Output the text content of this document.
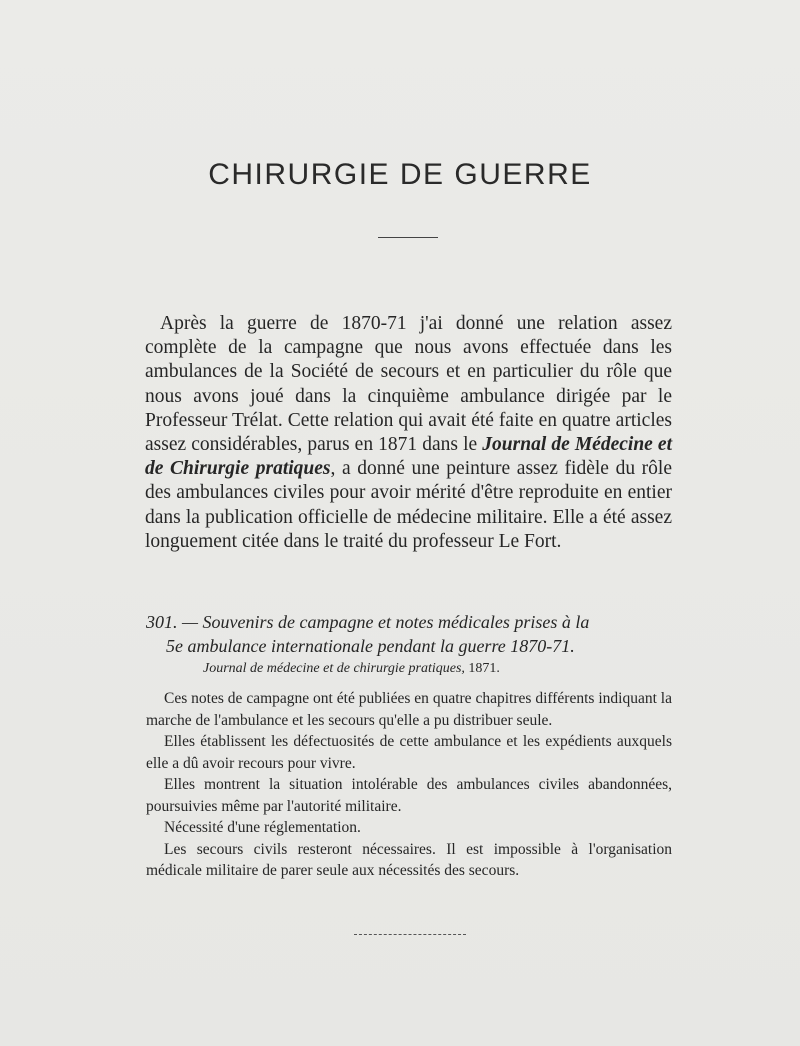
CHIRURGIE DE GUERRE

Après la guerre de 1870-71 j'ai donné une relation assez complète de la campagne que nous avons effectuée dans les ambulances de la Société de secours et en particulier du rôle que nous avons joué dans la cinquième ambulance dirigée par le Professeur Trélat. Cette relation qui avait été faite en quatre articles assez considérables, parus en 1871 dans le Journal de Médecine et de Chirurgie pratiques, a donné une peinture assez fidèle du rôle des ambulances civiles pour avoir mérité d'être reproduite en entier dans la publication officielle de médecine militaire. Elle a été assez longuement citée dans le traité du professeur Le Fort.

301. — Souvenirs de campagne et notes médicales prises à la
5e ambulance internationale pendant la guerre 1870-71.
Journal de médecine et de chirurgie pratiques, 1871.

Ces notes de campagne ont été publiées en quatre chapitres différents indiquant la marche de l'ambulance et les secours qu'elle a pu distribuer seule.

Elles établissent les défectuosités de cette ambulance et les expédients auxquels elle a dû avoir recours pour vivre.

Elles montrent la situation intolérable des ambulances civiles abandonnées, poursuivies même par l'autorité militaire.

Nécessité d'une réglementation.

Les secours civils resteront nécessaires. Il est impossible à l'organisation médicale militaire de parer seule aux nécessités des secours.
